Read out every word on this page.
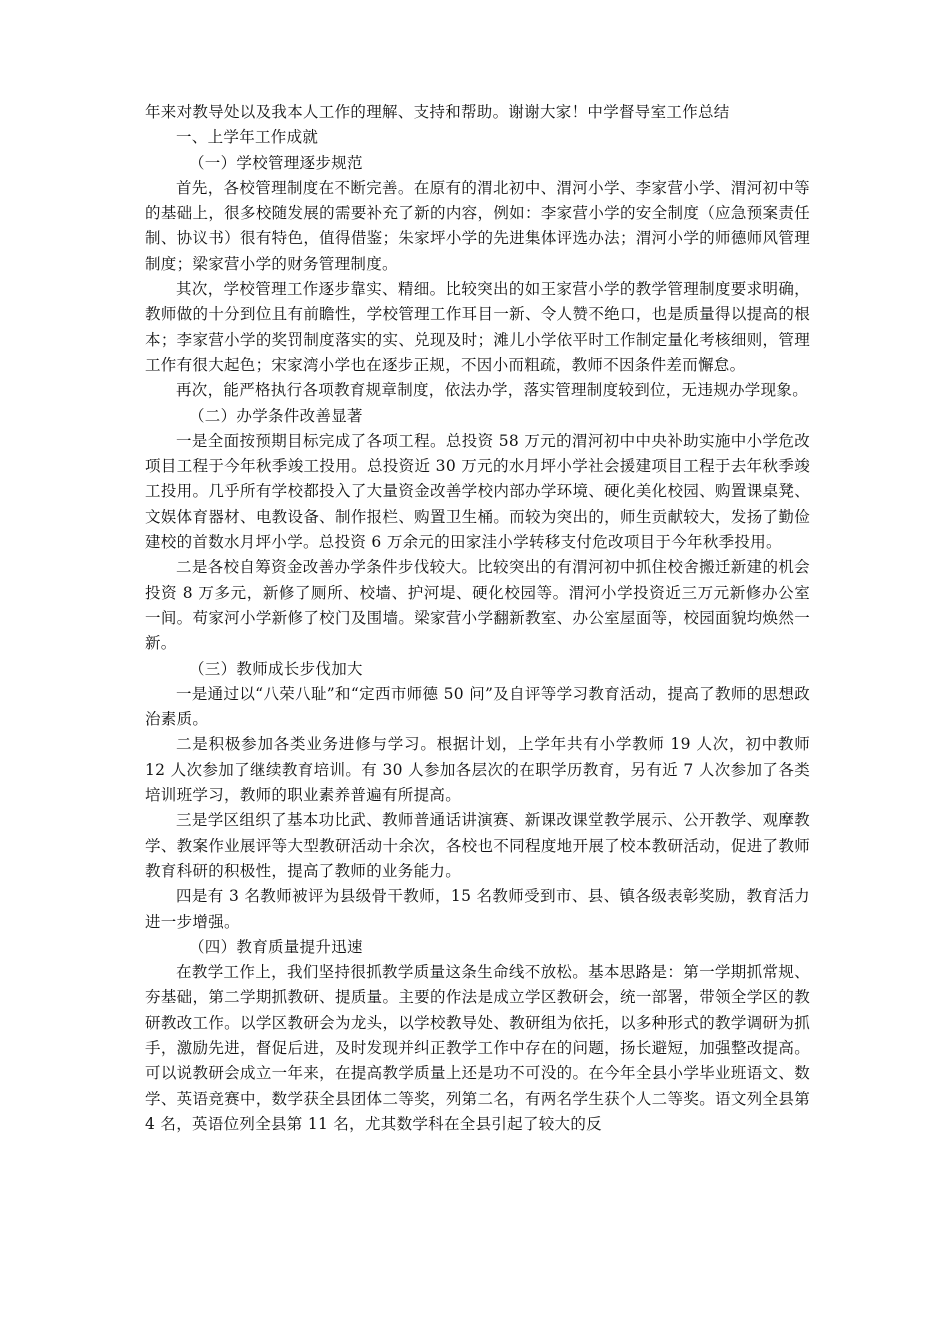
年来对教导处以及我本人工作的理解、支持和帮助。谢谢大家！中学督导室工作总结

一、上学年工作成就

（一）学校管理逐步规范

首先，各校管理制度在不断完善。在原有的渭北初中、渭河小学、李家营小学、渭河初中等的基础上，很多校随发展的需要补充了新的内容，例如：李家营小学的安全制度（应急预案责任制、协议书）很有特色，值得借鉴；朱家坪小学的先进集体评选办法；渭河小学的师德师风管理制度；梁家营小学的财务管理制度。

其次，学校管理工作逐步靠实、精细。比较突出的如王家营小学的教学管理制度要求明确，教师做的十分到位且有前瞻性，学校管理工作耳目一新、令人赞不绝口，也是质量得以提高的根本；李家营小学的奖罚制度落实的实、兑现及时；滩儿小学依平时工作制定量化考核细则，管理工作有很大起色；宋家湾小学也在逐步正规，不因小而粗疏，教师不因条件差而懈怠。

再次，能严格执行各项教育规章制度，依法办学，落实管理制度较到位，无违规办学现象。

（二）办学条件改善显著

一是全面按预期目标完成了各项工程。总投资 58 万元的渭河初中中央补助实施中小学危改项目工程于今年秋季竣工投用。总投资近 30 万元的水月坪小学社会援建项目工程于去年秋季竣工投用。几乎所有学校都投入了大量资金改善学校内部办学环境、硬化美化校园、购置课桌凳、文娱体育器材、电教设备、制作报栏、购置卫生桶。而较为突出的，师生贡献较大，发扬了勤俭建校的首数水月坪小学。总投资 6 万余元的田家洼小学转移支付危改项目于今年秋季投用。

二是各校自筹资金改善办学条件步伐较大。比较突出的有渭河初中抓住校舍搬迁新建的机会投资 8 万多元，新修了厕所、校墙、护河堤、硬化校园等。渭河小学投资近三万元新修办公室一间。苟家河小学新修了校门及围墙。梁家营小学翻新教室、办公室屋面等，校园面貌均焕然一新。

（三）教师成长步伐加大

一是通过以“八荣八耻”和“定西市师德 50 问”及自评等学习教育活动，提高了教师的思想政治素质。

二是积极参加各类业务进修与学习。根据计划，上学年共有小学教师 19 人次，初中教师 12 人次参加了继续教育培训。有 30 人参加各层次的在职学历教育，另有近 7 人次参加了各类培训班学习，教师的职业素养普遍有所提高。

三是学区组织了基本功比武、教师普通话讲演赛、新课改课堂教学展示、公开教学、观摩教学、教案作业展评等大型教研活动十余次，各校也不同程度地开展了校本教研活动，促进了教师教育科研的积极性，提高了教师的业务能力。

四是有 3 名教师被评为县级骨干教师，15 名教师受到市、县、镇各级表彰奖励，教育活力进一步增强。

（四）教育质量提升迅速

在教学工作上，我们坚持很抓教学质量这条生命线不放松。基本思路是：第一学期抓常规、夯基础，第二学期抓教研、提质量。主要的作法是成立学区教研会，统一部署，带领全学区的教研教改工作。以学区教研会为龙头，以学校教导处、教研组为依托，以多种形式的教学调研为抓手，激励先进，督促后进，及时发现并纠正教学工作中存在的问题，扬长避短，加强整改提高。可以说教研会成立一年来，在提高教学质量上还是功不可没的。在今年全县小学毕业班语文、数学、英语竞赛中，数学获全县团体二等奖，列第二名，有两名学生获个人二等奖。语文列全县第 4 名，英语位列全县第 11 名，尤其数学科在全县引起了较大的反
